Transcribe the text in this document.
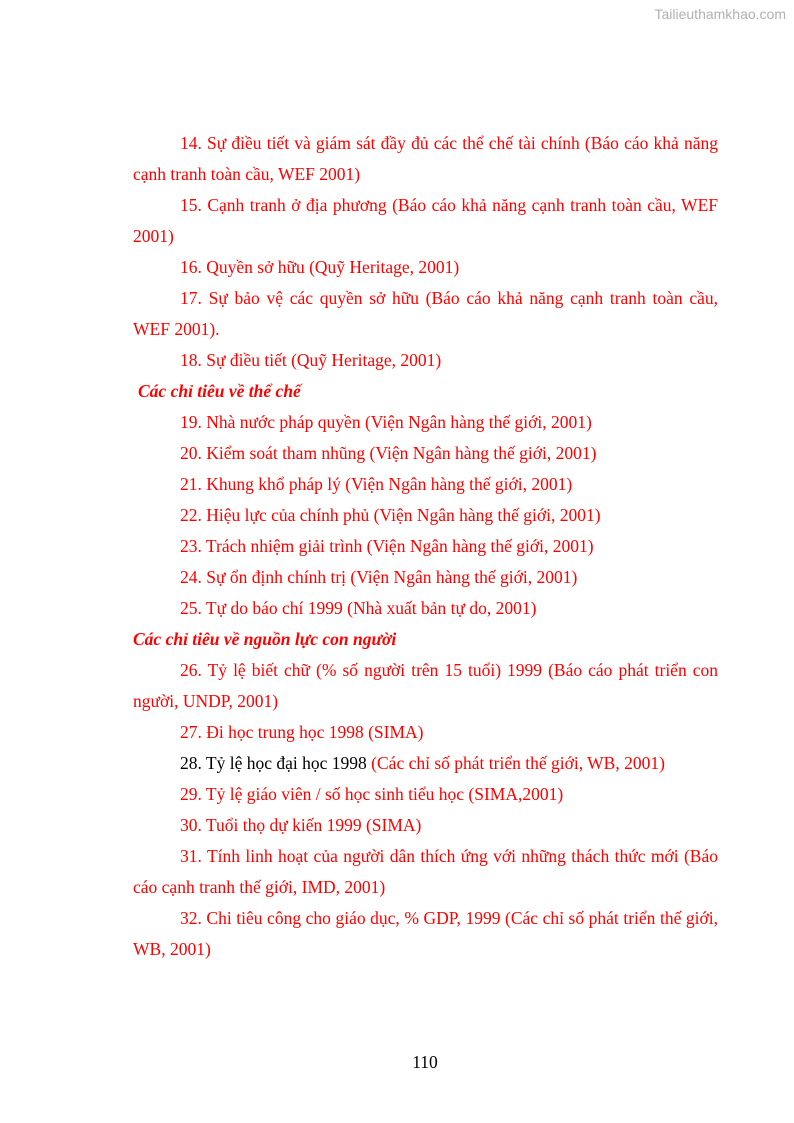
Tailieuthamkhao.com

14. Sự điều tiết và giám sát đầy đủ các thể chế tài chính (Báo cáo khả năng cạnh tranh toàn cầu, WEF 2001)

15. Cạnh tranh ở địa phương (Báo cáo khả năng cạnh tranh toàn cầu, WEF 2001)

16. Quyền sở hữu (Quỹ Heritage, 2001)

17. Sự bảo vệ các quyền sở hữu (Báo cáo khả năng cạnh tranh toàn cầu, WEF 2001).

18. Sự điều tiết (Quỹ Heritage, 2001)

Các chỉ tiêu về thể chế

19. Nhà nước pháp quyền (Viện Ngân hàng thế giới, 2001)

20. Kiểm soát tham nhũng (Viện Ngân hàng thế giới, 2001)

21. Khung khổ pháp lý (Viện Ngân hàng thế giới, 2001)

22. Hiệu lực của chính phủ (Viện Ngân hàng thế giới, 2001)

23. Trách nhiệm giải trình (Viện Ngân hàng thế giới, 2001)

24. Sự ổn định chính trị (Viện Ngân hàng thế giới, 2001)

25. Tự do báo chí 1999 (Nhà xuất bản tự do, 2001)

Các chỉ tiêu về nguồn lực con người

26. Tỷ lệ biết chữ (% số người trên 15 tuổi) 1999 (Báo cáo phát triển con người, UNDP, 2001)

27. Đi học trung học 1998 (SIMA)

28. Tỷ lệ học đại học 1998 (Các chỉ số phát triển thế giới, WB, 2001)

29. Tỷ lệ giáo viên / số học sinh tiểu học (SIMA,2001)

30. Tuổi thọ dự kiến 1999 (SIMA)

31. Tính linh hoạt của người dân thích ứng với những thách thức mới (Báo cáo cạnh tranh thế giới, IMD, 2001)

32. Chi tiêu công cho giáo dục, % GDP, 1999 (Các chỉ số phát triển thế giới, WB, 2001)

110
